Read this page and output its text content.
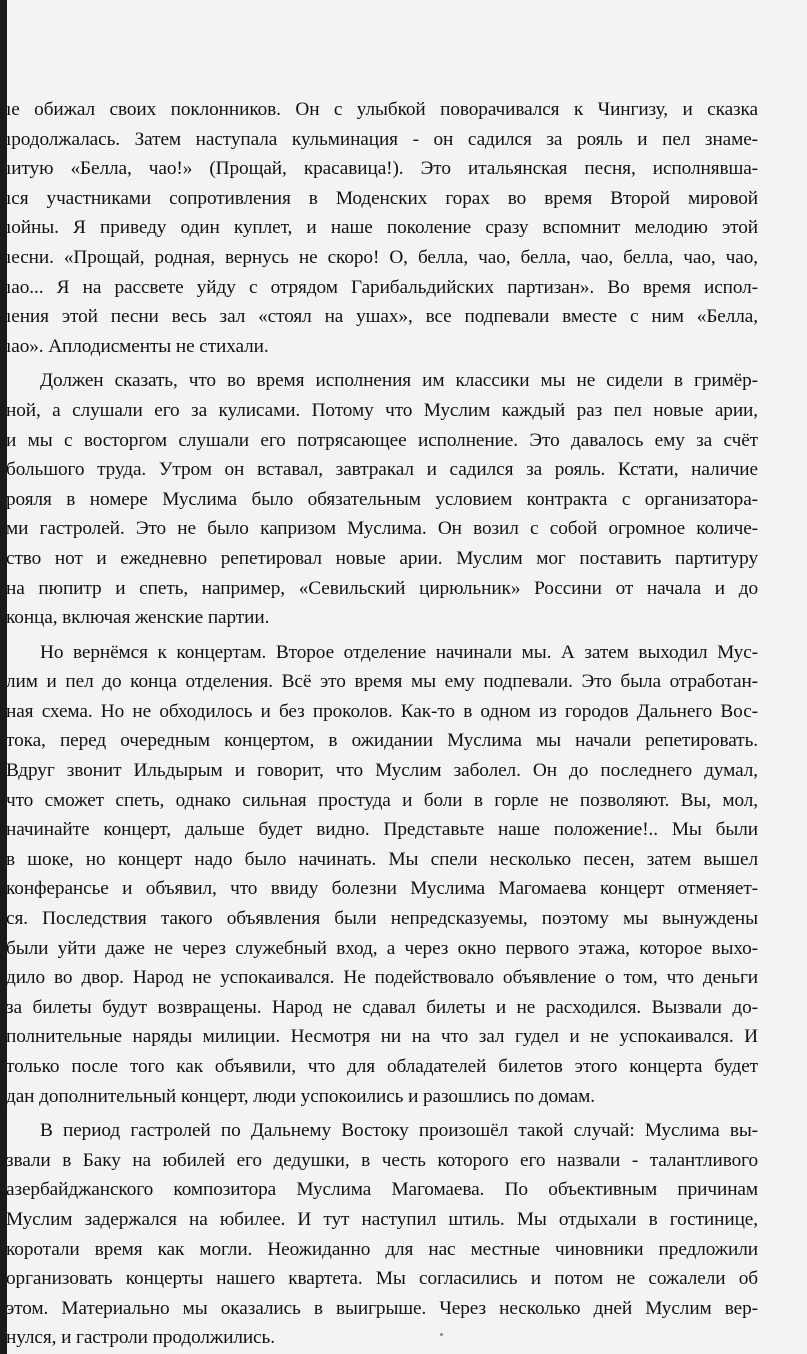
ıе обижал своих поклонников. Он с улыбкой поворачивался к Чингизу, и сказка
ıродолжалась. Затем наступала кульминация - он садился за рояль и пел знаме-
ıитую «Белла, чао!» (Прощай, красавица!). Это итальянская песня, исполнявша-
ıся участниками сопротивления в Моденских горах во время Второй мировой
ıойны. Я приведу один куплет, и наше поколение сразу вспомнит мелодию этой
ıесни. «Прощай, родная, вернусь не скоро! О, белла, чао, белла, чао, белла, чао, чао,
ıао... Я на рассвете уйду с отрядом Гарибальдийских партизан». Во время испол-
ıения этой песни весь зал «стоял на ушах», все подпевали вместе с ним «Белла,
ıао». Аплодисменты не стихали.
Должен сказать, что во время исполнения им классики мы не сидели в гримёр-
ной, а слушали его за кулисами. Потому что Муслим каждый раз пел новые арии,
и мы с восторгом слушали его потрясающее исполнение. Это давалось ему за счёт
большого труда. Утром он вставал, завтракал и садился за рояль. Кстати, наличие
рояля в номере Муслима было обязательным условием контракта с организатора-
ми гастролей. Это не было капризом Муслима. Он возил с собой огромное количе-
ство нот и ежедневно репетировал новые арии. Муслим мог поставить партитуру
на пюпитр и спеть, например, «Севильский цирюльник» Россини от начала и до
конца, включая женские партии.
Но вернёмся к концертам. Второе отделение начинали мы. А затем выходил Мус-
лим и пел до конца отделения. Всё это время мы ему подпевали. Это была отработан-
ная схема. Но не обходилось и без проколов. Как-то в одном из городов Дальнего Вос-
тока, перед очередным концертом, в ожидании Муслима мы начали репетировать.
Вдруг звонит Ильдырым и говорит, что Муслим заболел. Он до последнего думал,
что сможет спеть, однако сильная простуда и боли в горле не позволяют. Вы, мол,
начинайте концерт, дальше будет видно. Представьте наше положение!.. Мы были
в шоке, но концерт надо было начинать. Мы спели несколько песен, затем вышел
конферансье и объявил, что ввиду болезни Муслима Магомаева концерт отменяет-
ся. Последствия такого объявления были непредсказуемы, поэтому мы вынуждены
были уйти даже не через служебный вход, а через окно первого этажа, которое выхо-
дило во двор. Народ не успокаивался. Не подействовало объявление о том, что деньги
за билеты будут возвращены. Народ не сдавал билеты и не расходился. Вызвали до-
полнительные наряды милиции. Несмотря ни на что зал гудел и не успокаивался. И
только после того как объявили, что для обладателей билетов этого концерта будет
дан дополнительный концерт, люди успокоились и разошлись по домам.
В период гастролей по Дальнему Востоку произошёл такой случай: Муслима вы-
звали в Баку на юбилей его дедушки, в честь которого его назвали - талантливого
азербайджанского композитора Муслима Магомаева. По объективным причинам
Муслим задержался на юбилее. И тут наступил штиль. Мы отдыхали в гостинице,
коротали время как могли. Неожиданно для нас местные чиновники предложили
организовать концерты нашего квартета. Мы согласились и потом не сожалели об
этом. Материально мы оказались в выигрыше. Через несколько дней Муслим вер-
нулся, и гастроли продолжились.
